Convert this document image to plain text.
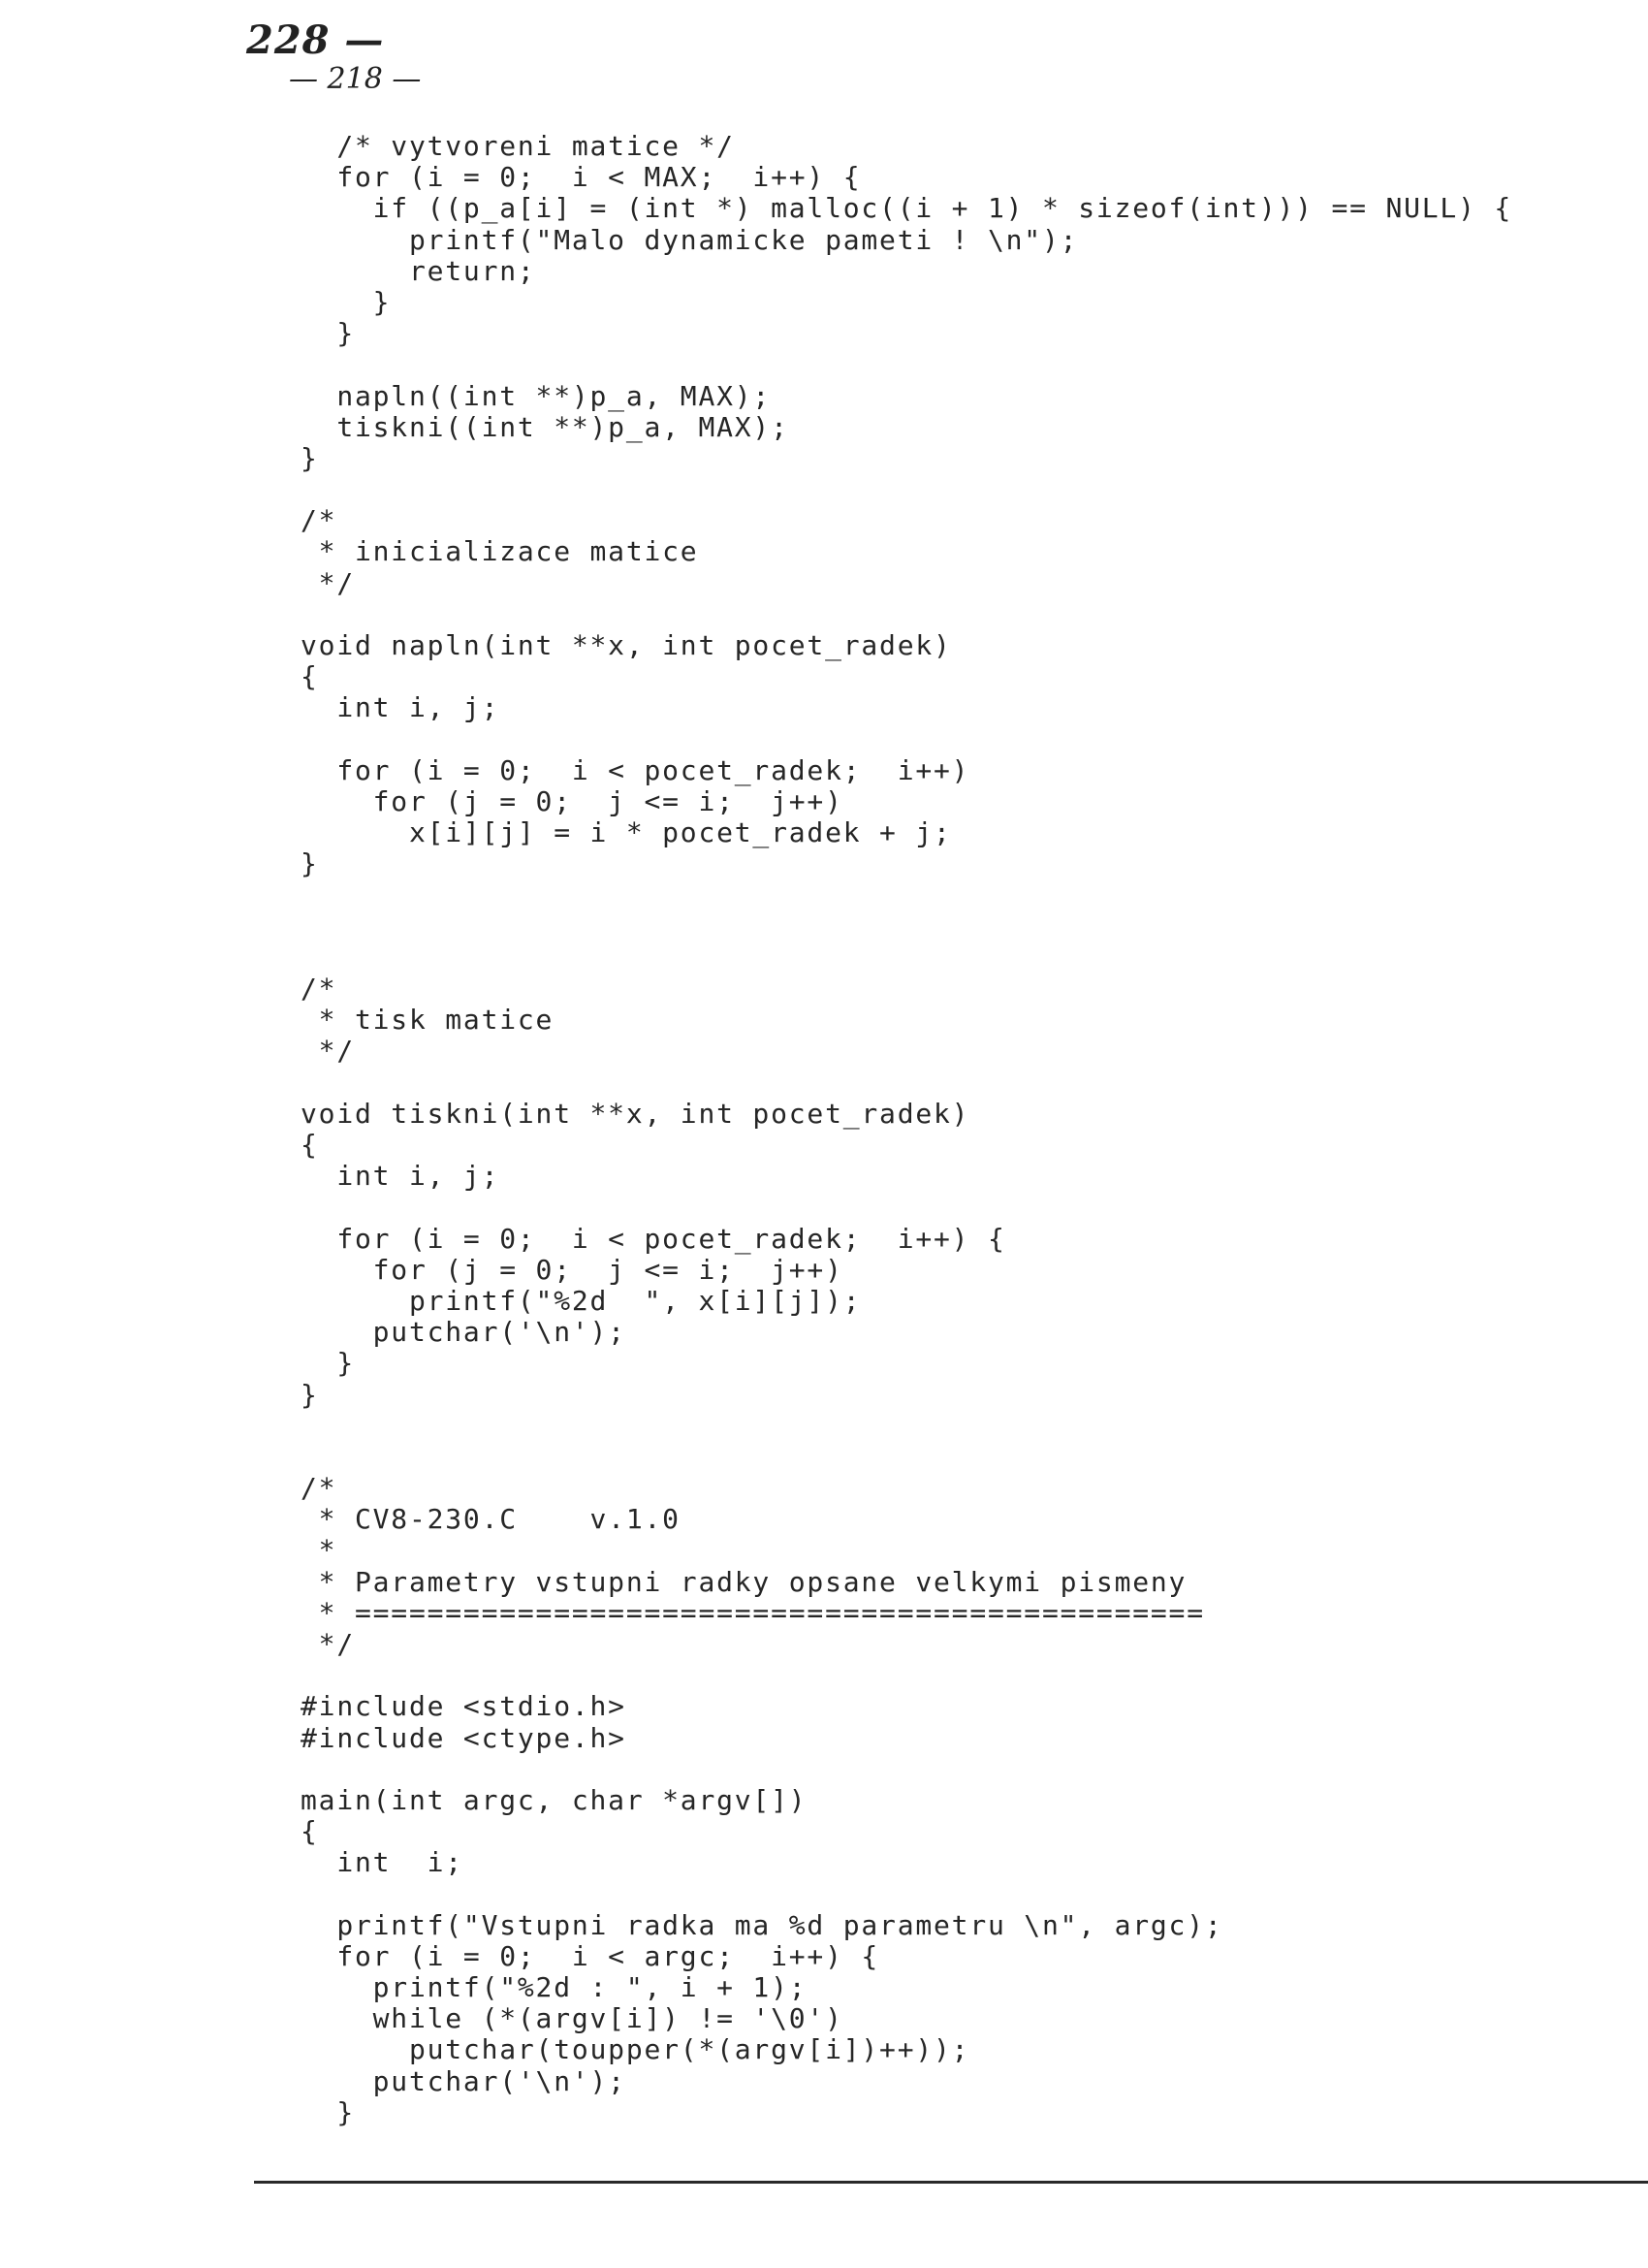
228 —
— 218 —
/* vytvoreni matice */
for (i = 0;  i < MAX;  i++) {
if ((p_a[i] = (int *) malloc((i + 1) * sizeof(int))) == NULL) {
printf("Malo dynamicke pameti ! \n");
return;
}
}
napln((int **)p_a, MAX);
tiskni((int **)p_a, MAX);
}
/*
* inicializace matice
*/
void napln(int **x, int pocet_radek)
{
int i, j;
for (i = 0;  i < pocet_radek;  i++)
for (j = 0;  j <= i;  j++)
x[i][j] = i * pocet_radek + j;
}
/*
* tisk matice
*/
void tiskni(int **x, int pocet_radek)
{
int i, j;
for (i = 0;  i < pocet_radek;  i++) {
for (j = 0;  j <= i;  j++)
printf("%2d  ", x[i][j]);
putchar('\n');
}
}
/*
* CV8-230.C    v.1.0
*
* Parametry vstupni radky opsane velkymi pismeny
* ===============================================
*/
#include <stdio.h>
#include <ctype.h>
main(int argc, char *argv[])
{
int  i;
printf("Vstupni radka ma %d parametru \n", argc);
for (i = 0;  i < argc;  i++) {
printf("%2d : ", i + 1);
while (*(argv[i]) != '\0')
putchar(toupper(*(argv[i])++));
putchar('\n');
}
